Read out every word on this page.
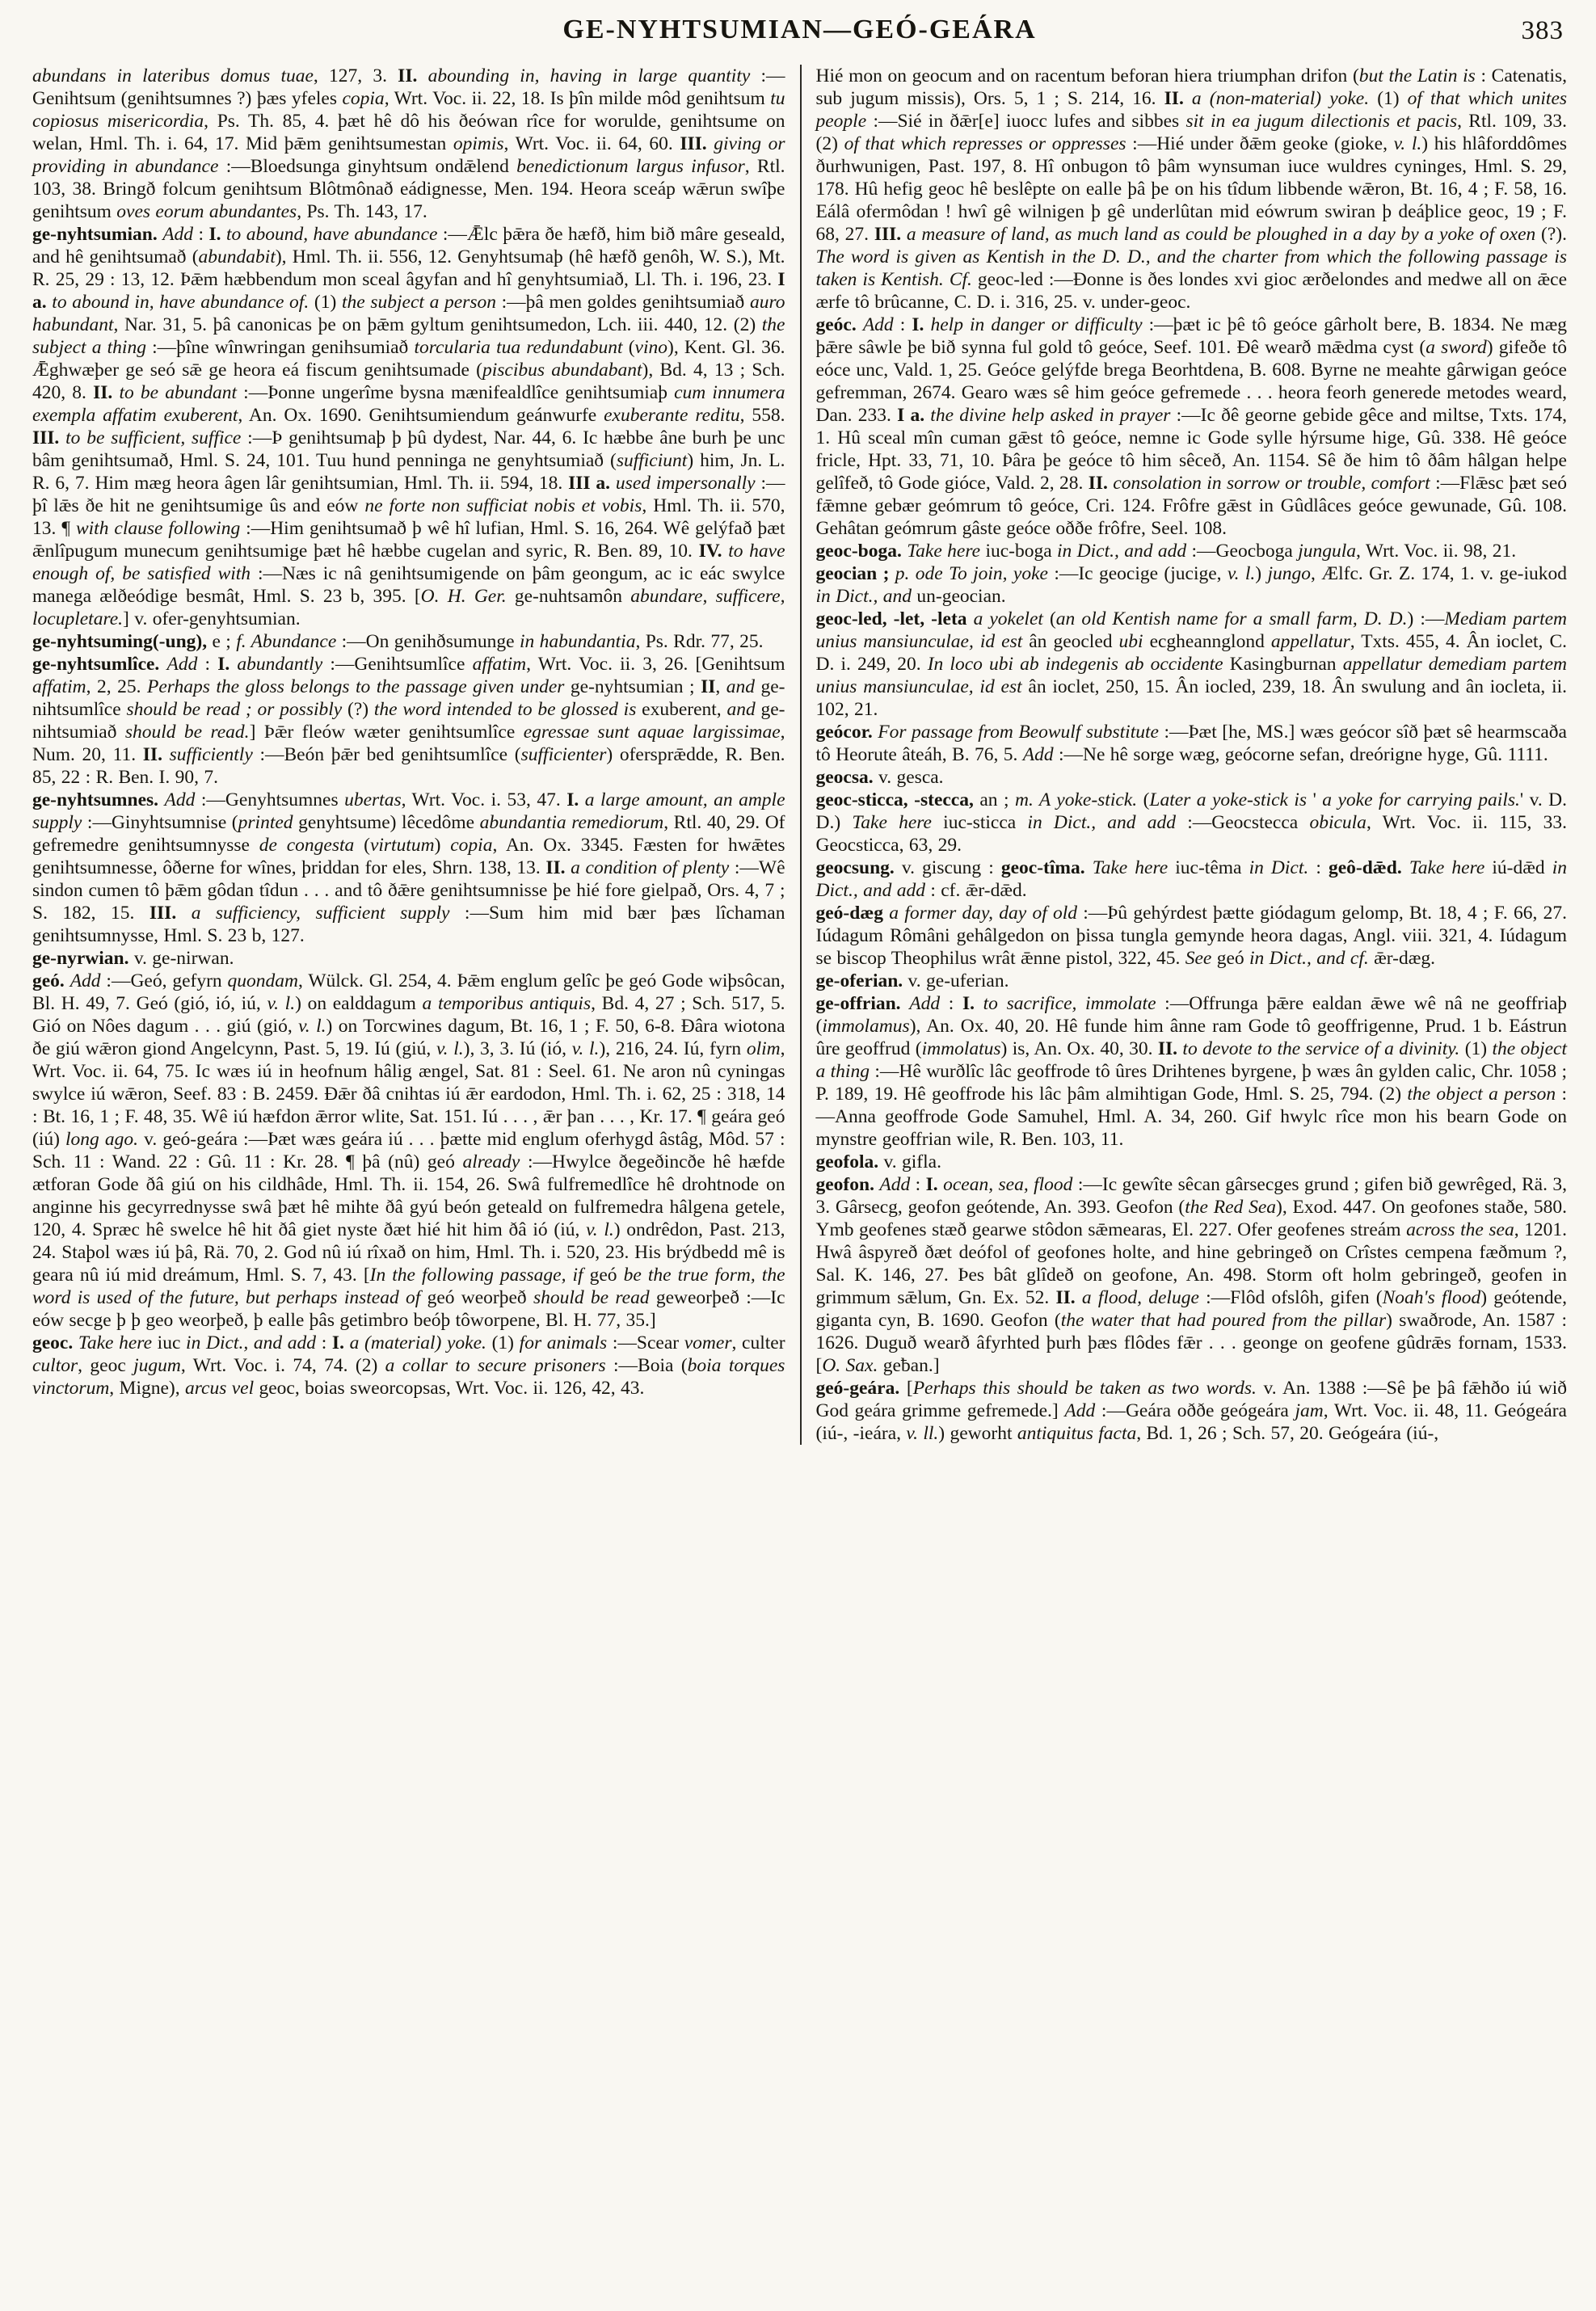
GE-NYHTSUMIAN—GEÓ-GEÁRA	383

abundans in lateribus domus tuae, 127, 3. II. abounding in, having in large quantity :—Genihtsum (genihtsumnes ?) þæs yfeles copia, Wrt. Voc. ii. 22, 18. Is þîn milde môd genihtsum tu copiosus misericordia, Ps. Th. 85, 4. þæt hê dô his ðeówan rîce for worulde, genihtsume on welan, Hml. Th. i. 64, 17. Mid þǣm genihtsumestan opimis, Wrt. Voc. ii. 64, 60. III. giving or providing in abundance :—Bloedsunga ginyhtsum ondǣlend benedictionum largus infusor, Rtl. 103, 38. Bringð folcum genihtsum Blôtmônað eádignesse, Men. 194. Heora sceáp wǣrun swîþe genihtsum oves eorum abundantes, Ps. Th. 143, 17.

ge-nyhtsumian. Add : I. to abound, have abundance :—Ǣlc þǣra ðe hæfð, him bið mâre geseald, and hê genihtsumað (abundabit), Hml. Th. ii. 556, 12. Genyhtsumaþ (hê hæfð genôh, W. S.), Mt. R. 25, 29 : 13, 12. Þǣm hæbbendum mon sceal âgyfan and hî genyhtsumiað, Ll. Th. i. 196, 23. I a. to abound in, have abundance of. (1) the subject a person :—þâ men goldes genihtsumiað auro habundant, Nar. 31, 5. þâ canonicas þe on þǣm gyltum genihtsumedon, Lch. iii. 440, 12. (2) the subject a thing :—þîne wînwringan genihsumiað torcularia tua redundabunt (vino), Kent. Gl. 36. Ǣghwæþer ge seó sǣ ge heora eá fiscum genihtsumade (piscibus abundabant), Bd. 4, 13 ; Sch. 420, 8. II. to be abundant :—Þonne ungerîme bysna mænifealdlîce genihtsumiaþ cum innumera exempla affatim exuberent, An. Ox. 1690. Genihtsumiendum geánwurfe exuberante reditu, 558. III. to be sufficient, suffice :—Þ genihtsumaþ þ þû dydest, Nar. 44, 6. Ic hæbbe âne burh þe unc bâm genihtsumað, Hml. S. 24, 101. Tuu hund penninga ne genyhtsumiað (sufficiunt) him, Jn. L. R. 6, 7. Him mæg heora âgen lâr genihtsumian, Hml. Th. ii. 594, 18. III a. used impersonally :—þî lǣs ðe hit ne genihtsumige ûs and eów ne forte non sufficiat nobis et vobis, Hml. Th. ii. 570, 13. ¶ with clause following :—Him genihtsumað þ wê hî lufian, Hml. S. 16, 264. Wê gelýfað þæt ǣnlîpugum munecum genihtsumige þæt hê hæbbe cugelan and syric, R. Ben. 89, 10. IV. to have enough of, be satisfied with :—Næs ic nâ genihtsumigende on þâm geongum, ac ic eác swylce manega ælðeódige besmât, Hml. S. 23 b, 395. [O. H. Ger. ge-nuhtsamôn abundare, sufficere, locupletare.] v. ofer-genyhtsumian.

ge-nyhtsuming(-ung), e ; f. Abundance :—On genihðsumunge in habundantia, Ps. Rdr. 77, 25.

ge-nyhtsumlîce. Add : I. abundantly :—Genihtsumlîce affatim, Wrt. Voc. ii. 3, 26. [Genihtsum affatim, 2, 25. Perhaps the gloss belongs to the passage given under ge-nyhtsumian ; II, and ge-nihtsumlîce should be read ; or possibly (?) the word intended to be glossed is exuberent, and ge-nihtsumiað should be read.] Þǣr fleów wæter genihtsumlîce egressae sunt aquae largissimae, Num. 20, 11. II. sufficiently :—Beón þǣr bed genihtsumlîce (sufficienter) ofersprǣdde, R. Ben. 85, 22 : R. Ben. I. 90, 7.

ge-nyhtsumnes. Add :—Genyhtsumnes ubertas, Wrt. Voc. i. 53, 47. I. a large amount, an ample supply :—Ginyhtsumnise (printed genyhtsume) lêcedôme abundantia remediorum, Rtl. 40, 29. Of gefremedre genihtsumnysse de congesta (virtutum) copia, An. Ox. 3345. Fæsten for hwǣtes genihtsumnesse, ôðerne for wînes, þriddan for eles, Shrn. 138, 13. II. a condition of plenty :—Wê sindon cumen tô þǣm gôdan tîdun . . . and tô ðǣre genihtsumnisse þe hié fore gielpað, Ors. 4, 7 ; S. 182, 15. III. a sufficiency, sufficient supply :—Sum him mid bær þæs lîchaman genihtsumnysse, Hml. S. 23 b, 127.

ge-nyrwian. v. ge-nirwan.

geó. Add :—Geó, gefyrn quondam, Wülck. Gl. 254, 4. Þǣm englum gelîc þe geó Gode wiþsôcan, Bl. H. 49, 7. Geó (gió, ió, iú, v. l.) on ealddagum a temporibus antiquis, Bd. 4, 27 ; Sch. 517, 5. Gió on Nôes dagum . . . giú (gió, v. l.) on Torcwines dagum, Bt. 16, 1 ; F. 50, 6-8. Ðâra wiotona ðe giú wǣron giond Angelcynn, Past. 5, 19. Iú (giú, v. l.), 3, 3. Iú (ió, v. l.), 216, 24. Iú, fyrn olim, Wrt. Voc. ii. 64, 75. Ic wæs iú in heofnum hâlig ængel, Sat. 81 : Seel. 61. Ne aron nû cyningas swylce iú wǣron, Seef. 83 : B. 2459. Ðǣr ðâ cnihtas iú ǣr eardodon, Hml. Th. i. 62, 25 : 318, 14 : Bt. 16, 1 ; F. 48, 35. Wê iú hæfdon ǣrror wlite, Sat. 151. Iú . . . , ǣr þan . . . , Kr. 17. ¶ geára geó (iú) long ago. v. geó-geára :—Þæt wæs geára iú . . . þætte mid englum oferhygd âstâg, Môd. 57 : Sch. 11 : Wand. 22 : Gû. 11 : Kr. 28. ¶ þâ (nû) geó already :—Hwylce ðegeðincðe hê hæfde ætforan Gode ðâ giú on his cildhâde, Hml. Th. ii. 154, 26. Swâ fulfremedlîce hê drohtnode on anginne his gecyrrednysse swâ þæt hê mihte ðâ gyú beón geteald on fulfremedra hâlgena getele, 120, 4. Spræc hê swelce hê hit ðâ giet nyste ðæt hié hit him ðâ ió (iú, v. l.) ondrêdon, Past. 213, 24. Staþol wæs iú þâ, Rä. 70, 2. God nû iú rîxað on him, Hml. Th. i. 520, 23. His brýdbedd mê is geara nû iú mid dreámum, Hml. S. 7, 43. [In the following passage, if geó be the true form, the word is used of the future, but perhaps instead of geó weorþeð should be read geweorþeð :—Ic eów secge þ þ geo weorþeð, þ ealle þâs getimbro beóþ tôworpene, Bl. H. 77, 35.]

geoc. Take here iuc in Dict., and add : I. a (material) yoke. (1) for animals :—Scear vomer, culter cultor, geoc jugum, Wrt. Voc. i. 74, 74. (2) a collar to secure prisoners :—Boia (boia torques vinctorum, Migne), arcus vel geoc, boias sweorcopsas, Wrt. Voc. ii. 126, 42, 43.

Hié mon on geocum and on racentum beforan hiera triumphan drifon (but the Latin is : Catenatis, sub jugum missis), Ors. 5, 1 ; S. 214, 16. II. a (non-material) yoke. (1) of that which unites people :—Sié in ðǣr[e] iuocc lufes and sibbes sit in ea jugum dilectionis et pacis, Rtl. 109, 33. (2) of that which represses or oppresses :—Hié under ðǣm geoke (gioke, v. l.) his hlâforddômes ðurhwunigen, Past. 197, 8. Hî onbugon tô þâm wynsuman iuce wuldres cyninges, Hml. S. 29, 178. Hû hefig geoc hê beslêpte on ealle þâ þe on his tîdum libbende wǣron, Bt. 16, 4 ; F. 58, 16. Eálâ ofermôdan ! hwî gê wilnigen þ gê underlûtan mid eówrum swiran þ deáþlice geoc, 19 ; F. 68, 27. III. a measure of land, as much land as could be ploughed in a day by a yoke of oxen (?). The word is given as Kentish in the D. D., and the charter from which the following passage is taken is Kentish. Cf. geoc-led :—Ðonne is ðes londes xvi gioc ærðelondes and medwe all on ǣce ærfe tô brûcanne, C. D. i. 316, 25. v. under-geoc.

geóc. Add : I. help in danger or difficulty :—þæt ic þê tô geóce gârholt bere, B. 1834. Ne mæg þǣre sâwle þe bið synna ful gold tô geóce, Seef. 101. Ðê wearð mǣdma cyst (a sword) gifeðe tô eóce unc, Vald. 1, 25. Geóce gelýfde brega Beorhtdena, B. 608. Byrne ne meahte gârwigan geóce gefremman, 2674. Gearo wæs sê him geóce gefremede . . . heora feorh generede metodes weard, Dan. 233. I a. the divine help asked in prayer :—Ic ðê georne gebide gêce and miltse, Txts. 174, 1. Hû sceal mîn cuman gǣst tô geóce, nemne ic Gode sylle hýrsume hige, Gû. 338. Hê geóce fricle, Hpt. 33, 71, 10. Þâra þe geóce tô him sêceð, An. 1154. Sê ðe him tô ðâm hâlgan helpe gelîfeð, tô Gode gióce, Vald. 2, 28. II. consolation in sorrow or trouble, comfort :—Flǣsc þæt seó fǣmne gebær geómrum tô geóce, Cri. 124. Frôfre gǣst in Gûdlâces geóce gewunade, Gû. 108. Gehâtan geómrum gâste geóce oððe frôfre, Seel. 108.

geoc-boga. Take here iuc-boga in Dict., and add :—Geocboga jungula, Wrt. Voc. ii. 98, 21.

geocian ; p. ode To join, yoke :—Ic geocige (jucige, v. l.) jungo, Ælfc. Gr. Z. 174, 1. v. ge-iukod in Dict., and un-geocian.

geoc-led, -let, -leta a yokelet (an old Kentish name for a small farm, D. D.) :—Mediam partem unius mansiunculae, id est ân geocled ubi ecgheannglond appellatur, Txts. 455, 4. Ân ioclet, C. D. i. 249, 20. In loco ubi ab indegenis ab occidente Kasingburnan appellatur demediam partem unius mansiunculae, id est ân ioclet, 250, 15. Ân iocled, 239, 18. Ân swulung and ân iocleta, ii. 102, 21.

geócor. For passage from Beowulf substitute :—Þæt [he, MS.] wæs geócor sîð þæt sê hearmscaða tô Heorute âteáh, B. 76, 5. Add :—Ne hê sorge wæg, geócorne sefan, dreórigne hyge, Gû. 1111.

geocsa. v. gesca.

geoc-sticca, -stecca, an ; m. A yoke-stick. (Later a yoke-stick is ' a yoke for carrying pails.' v. D. D.) Take here iuc-sticca in Dict., and add :—Geocstecca obicula, Wrt. Voc. ii. 115, 33. Geocsticca, 63, 29.

geocsung. v. giscung : geoc-tîma. Take here iuc-têma in Dict. : geô-dǣd. Take here iú-dǣd in Dict., and add : cf. ǣr-dǣd.

geó-dæg a former day, day of old :—Þû gehýrdest þætte giódagum gelomp, Bt. 18, 4 ; F. 66, 27. Iúdagum Rômâni gehâlgedon on þissa tungla gemynde heora dagas, Angl. viii. 321, 4. Iúdagum se biscop Theophilus wrât ǣnne pistol, 322, 45. See geó in Dict., and cf. ǣr-dæg.

ge-oferian. v. ge-uferian.

ge-offrian. Add : I. to sacrifice, immolate :—Offrunga þǣre ealdan ǣwe wê nâ ne geoffriaþ (immolamus), An. Ox. 40, 20. Hê funde him ânne ram Gode tô geoffrigenne, Prud. 1 b. Eástrun ûre geoffrud (immolatus) is, An. Ox. 40, 30. II. to devote to the service of a divinity. (1) the object a thing :—Hê wurðlîc lâc geoffrode tô ûres Drihtenes byrgene, þ wæs ân gylden calic, Chr. 1058 ; P. 189, 19. Hê geoffrode his lâc þâm almihtigan Gode, Hml. S. 25, 794. (2) the object a person :—Anna geoffrode Gode Samuhel, Hml. A. 34, 260. Gif hwylc rîce mon his bearn Gode on mynstre geoffrian wile, R. Ben. 103, 11.

geofola. v. gifla.

geofon. Add : I. ocean, sea, flood :—Ic gewîte sêcan gârsecges grund ; gifen bið gewrêged, Rä. 3, 3. Gârsecg, geofon geótende, An. 393. Geofon (the Red Sea), Exod. 447. On geofones staðe, 580. Ymb geofenes stæð gearwe stôdon sǣmearas, El. 227. Ofer geofenes streám across the sea, 1201. Hwâ âspyreð ðæt deófol of geofones holte, and hine gebringeð on Crîstes cempena fæðmum ?, Sal. K. 146, 27. Þes bât glîdeð on geofone, An. 498. Storm oft holm gebringeð, geofen in grimmum sǣlum, Gn. Ex. 52. II. a flood, deluge :—Flôd ofslôh, gifen (Noah's flood) geótende, giganta cyn, B. 1690. Geofon (the water that had poured from the pillar) swaðrode, An. 1587 : 1626. Duguð wearð âfyrhted þurh þæs flôdes fǣr . . . geonge on geofene gûdrǣs fornam, 1533. [O. Sax. geƀan.]

geó-geára. [Perhaps this should be taken as two words. v. An. 1388 :—Sê þe þâ fǣhðo iú wið God geára grimme gefremede.] Add :—Geára oððe geógeára jam, Wrt. Voc. ii. 48, 11. Geógeára (iú-, -ieára, v. ll.) geworht antiquitus facta, Bd. 1, 26 ; Sch. 57, 20. Geógeára (iú-,
